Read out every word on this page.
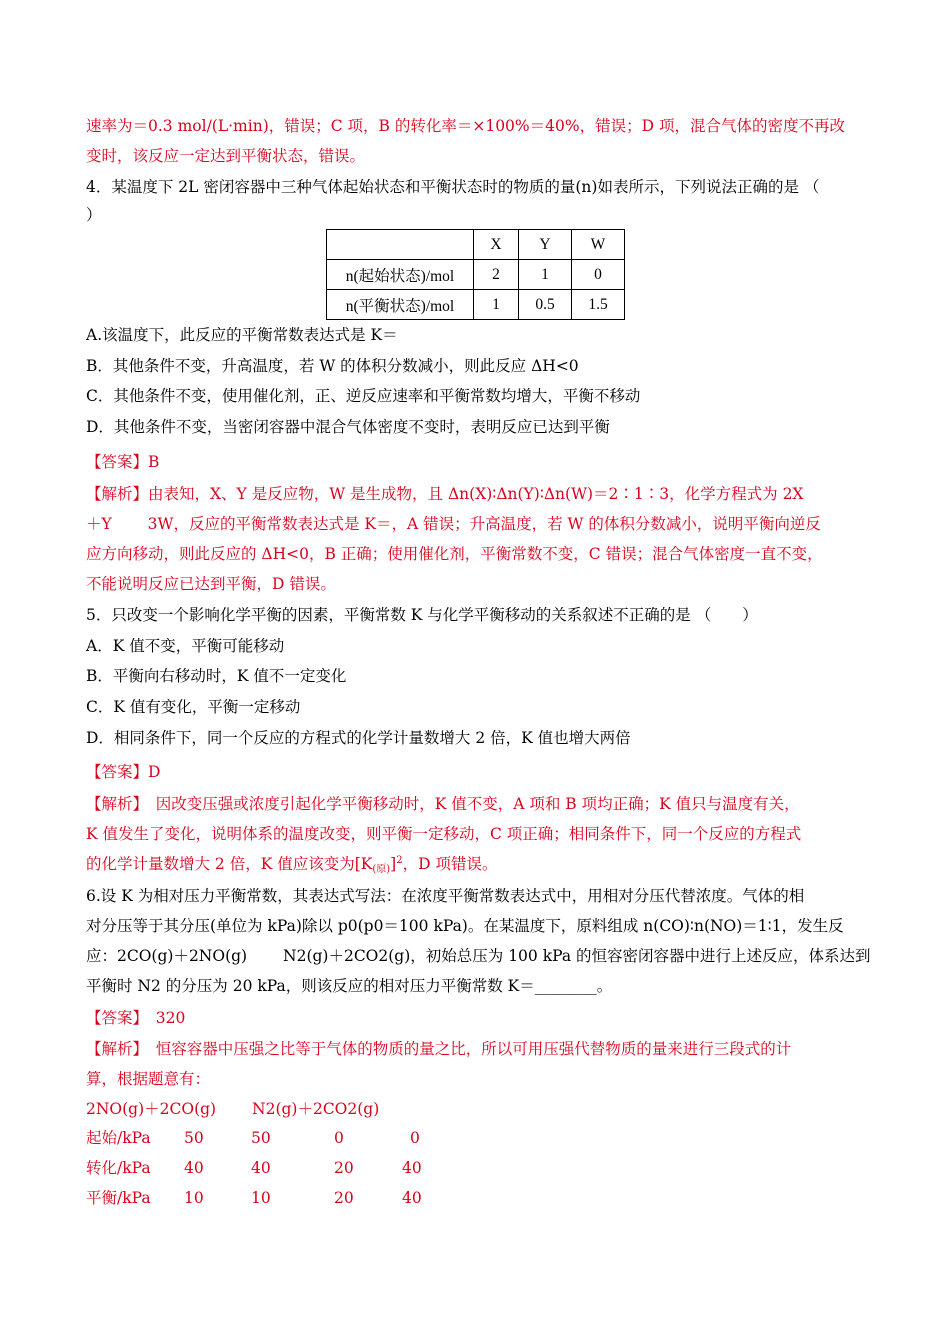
速率为＝0.3 mol/(L·min)，错误；C 项，B 的转化率＝×100%＝40%，错误；D 项，混合气体的密度不再改
变时，该反应一定达到平衡状态，错误。
4．某温度下 2L 密闭容器中三种气体起始状态和平衡状态时的物质的量(n)如表所示，下列说法正确的是 （
）
	X	Y	W
n(起始状态)/mol	2	1	0
n(平衡状态)/mol	1	0.5	1.5
A.该温度下，此反应的平衡常数表达式是 K＝
B．其他条件不变，升高温度，若 W 的体积分数减小，则此反应 ΔH<0
C．其他条件不变，使用催化剂，正、逆反应速率和平衡常数均增大，平衡不移动
D．其他条件不变，当密闭容器中混合气体密度不变时，表明反应已达到平衡
【答案】B
【解析】由表知，X、Y 是反应物，W 是生成物，且 Δn(X)∶Δn(Y)∶Δn(W)＝2∶1∶3，化学方程式为 2X
＋Y 　　3W，反应的平衡常数表达式是 K＝，A 错误；升高温度，若 W 的体积分数减小，说明平衡向逆反
应方向移动，则此反应的 ΔH<0，B 正确；使用催化剂，平衡常数不变，C 错误；混合气体密度一直不变，
不能说明反应已达到平衡，D 错误。
5．只改变一个影响化学平衡的因素，平衡常数 K 与化学平衡移动的关系叙述不正确的是 （　　）
A．K 值不变，平衡可能移动
B．平衡向右移动时，K 值不一定变化
C．K 值有变化，平衡一定移动
D．相同条件下，同一个反应的方程式的化学计量数增大 2 倍，K 值也增大两倍
【答案】D
【解析】　因改变压强或浓度引起化学平衡移动时，K 值不变，A 项和 B 项均正确；K 值只与温度有关，
K 值发生了变化，说明体系的温度改变，则平衡一定移动，C 项正确；相同条件下，同一个反应的方程式
的化学计量数增大 2 倍，K 值应该变为$[K_{(原)}]^2$，D 项错误。
6.设 K 为相对压力平衡常数，其表达式写法：在浓度平衡常数表达式中，用相对分压代替浓度。气体的相
对分压等于其分压(单位为 kPa)除以 p0(p0＝100 kPa)。在某温度下，原料组成 n(CO)∶n(NO)＝1∶1，发生反
应：2CO(g)＋2NO(g) 　　N2(g)＋2CO2(g)，初始总压为 100 kPa 的恒容密闭容器中进行上述反应，体系达到
平衡时 N2 的分压为 20 kPa，则该反应的相对压力平衡常数 K＝________。
【答案】　320
【解析】　恒容容器中压强之比等于气体的物质的量之比，所以可用压强代替物质的量来进行三段式的计
算，根据题意有：
2NO(g)＋2CO(g) 　　N2(g)＋2CO2(g)
起始/kPa 50	50	0	0
转化/kPa 40	40	20	40
平衡/kPa 10	10	20	40
